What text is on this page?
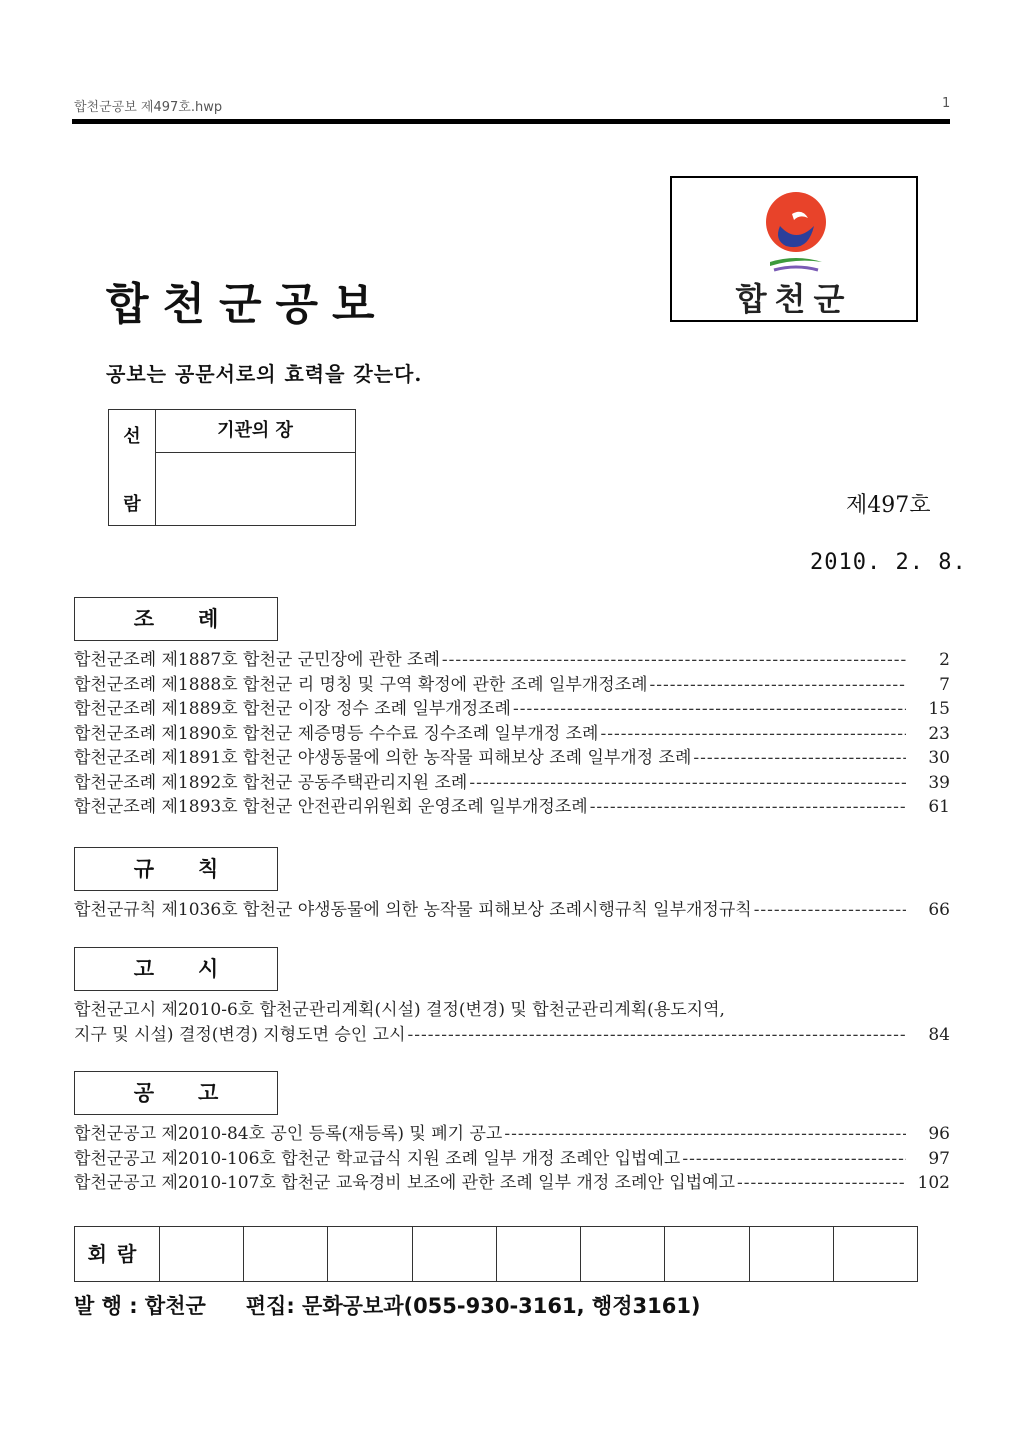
합천군공보 제497호.hwp	1
합천군공보	합천군
공보는 공문서로의 효력을 갖는다.
선
람
기관의 장
제497호
2010. 2. 8.
조례
합천군조례 제1887호 합천군 군민장에 관한 조례 -----	2
합천군조례 제1888호 합천군 리 명칭 및 구역 확정에 관한 조례 일부개정조례 -----	7
합천군조례 제1889호 합천군 이장 정수 조례 일부개정조례 -----	15
합천군조례 제1890호 합천군 제증명등 수수료 징수조례 일부개정 조례 -----	23
합천군조례 제1891호 합천군 야생동물에 의한 농작물 피해보상 조례 일부개정 조례 -----	30
합천군조례 제1892호 합천군 공동주택관리지원 조례 -----	39
합천군조례 제1893호 합천군 안전관리위원회 운영조례 일부개정조례 -----	61
규칙
합천군규칙 제1036호 합천군 야생동물에 의한 농작물 피해보상 조례시행규칙 일부개정규칙 -----	66
고시
합천군고시 제2010-6호 합천군관리계획(시설) 결정(변경) 및 합천군관리계획(용도지역,
지구 및 시설) 결정(변경) 지형도면 승인 고시 -----	84
공고
합천군공고 제2010-84호 공인 등록(재등록) 및 폐기 공고 -----	96
합천군공고 제2010-106호 합천군 학교급식 지원 조례 일부 개정 조례안 입법예고 -----	97
합천군공고 제2010-107호 합천군 교육경비 보조에 관한 조례 일부 개정 조례안 입법예고 -----	102
회람
발 행 : 합천군 편집: 문화공보과(055-930-3161, 행정3161)
